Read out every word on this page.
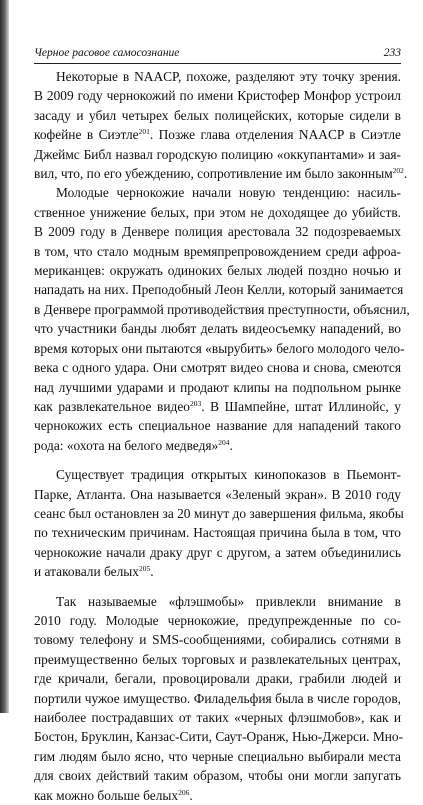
Черное расовое самосознание	233
Некоторые в NAACP, похоже, разделяют эту точку зрения.
В 2009 году чернокожий по имени Кристофер Монфор устроил
засаду и убил четырех белых полицейских, которые сидели в
кофейне в Сиэтле$^{201}$. Позже глава отделения NAACP в Сиэтле
Джеймс Библ назвал городскую полицию «оккупантами» и зая-
вил, что, по его убеждению, сопротивление им было законным$^{202}$.
Молодые чернокожие начали новую тенденцию: насиль-
ственное унижение белых, при этом не доходящее до убийств.
В 2009 году в Денвере полиция арестовала 32 подозреваемых
в том, что стало модным времяпрепровождением среди афроа-
мериканцев: окружать одиноких белых людей поздно ночью и
нападать на них. Преподобный Леон Келли, который занимается
в Денвере программой противодействия преступности, объяснил,
что участники банды любят делать видеосъемку нападений, во
время которых они пытаются «вырубить» белого молодого чело-
века с одного удара. Они смотрят видео снова и снова, смеются
над лучшими ударами и продают клипы на подпольном рынке
как развлекательное видео$^{203}$. В Шампейне, штат Иллинойс, у
чернокожих есть специальное название для нападений такого
рода: «охота на белого медведя»$^{204}$.
Существует традиция открытых кинопоказов в Пьемонт-
Парке, Атланта. Она называется «Зеленый экран». В 2010 году
сеанс был остановлен за 20 минут до завершения фильма, якобы
по техническим причинам. Настоящая причина была в том, что
чернокожие начали драку друг с другом, а затем объединились
и атаковали белых$^{205}$.
Так называемые «флэшмобы» привлекли внимание в
2010 году. Молодые чернокожие, предупрежденные по со-
товому телефону и SMS-сообщениями, собирались сотнями в
преимущественно белых торговых и развлекательных центрах,
где кричали, бегали, провоцировали драки, грабили людей и
портили чужое имущество. Филадельфия была в числе городов,
наиболее пострадавших от таких «черных флэшмобов», как и
Бостон, Бруклин, Канзас-Сити, Саут-Оранж, Нью-Джерси. Мно-
гим людям было ясно, что черные специально выбирали места
для своих действий таким образом, чтобы они могли запугать
как можно больше белых$^{206}$.
